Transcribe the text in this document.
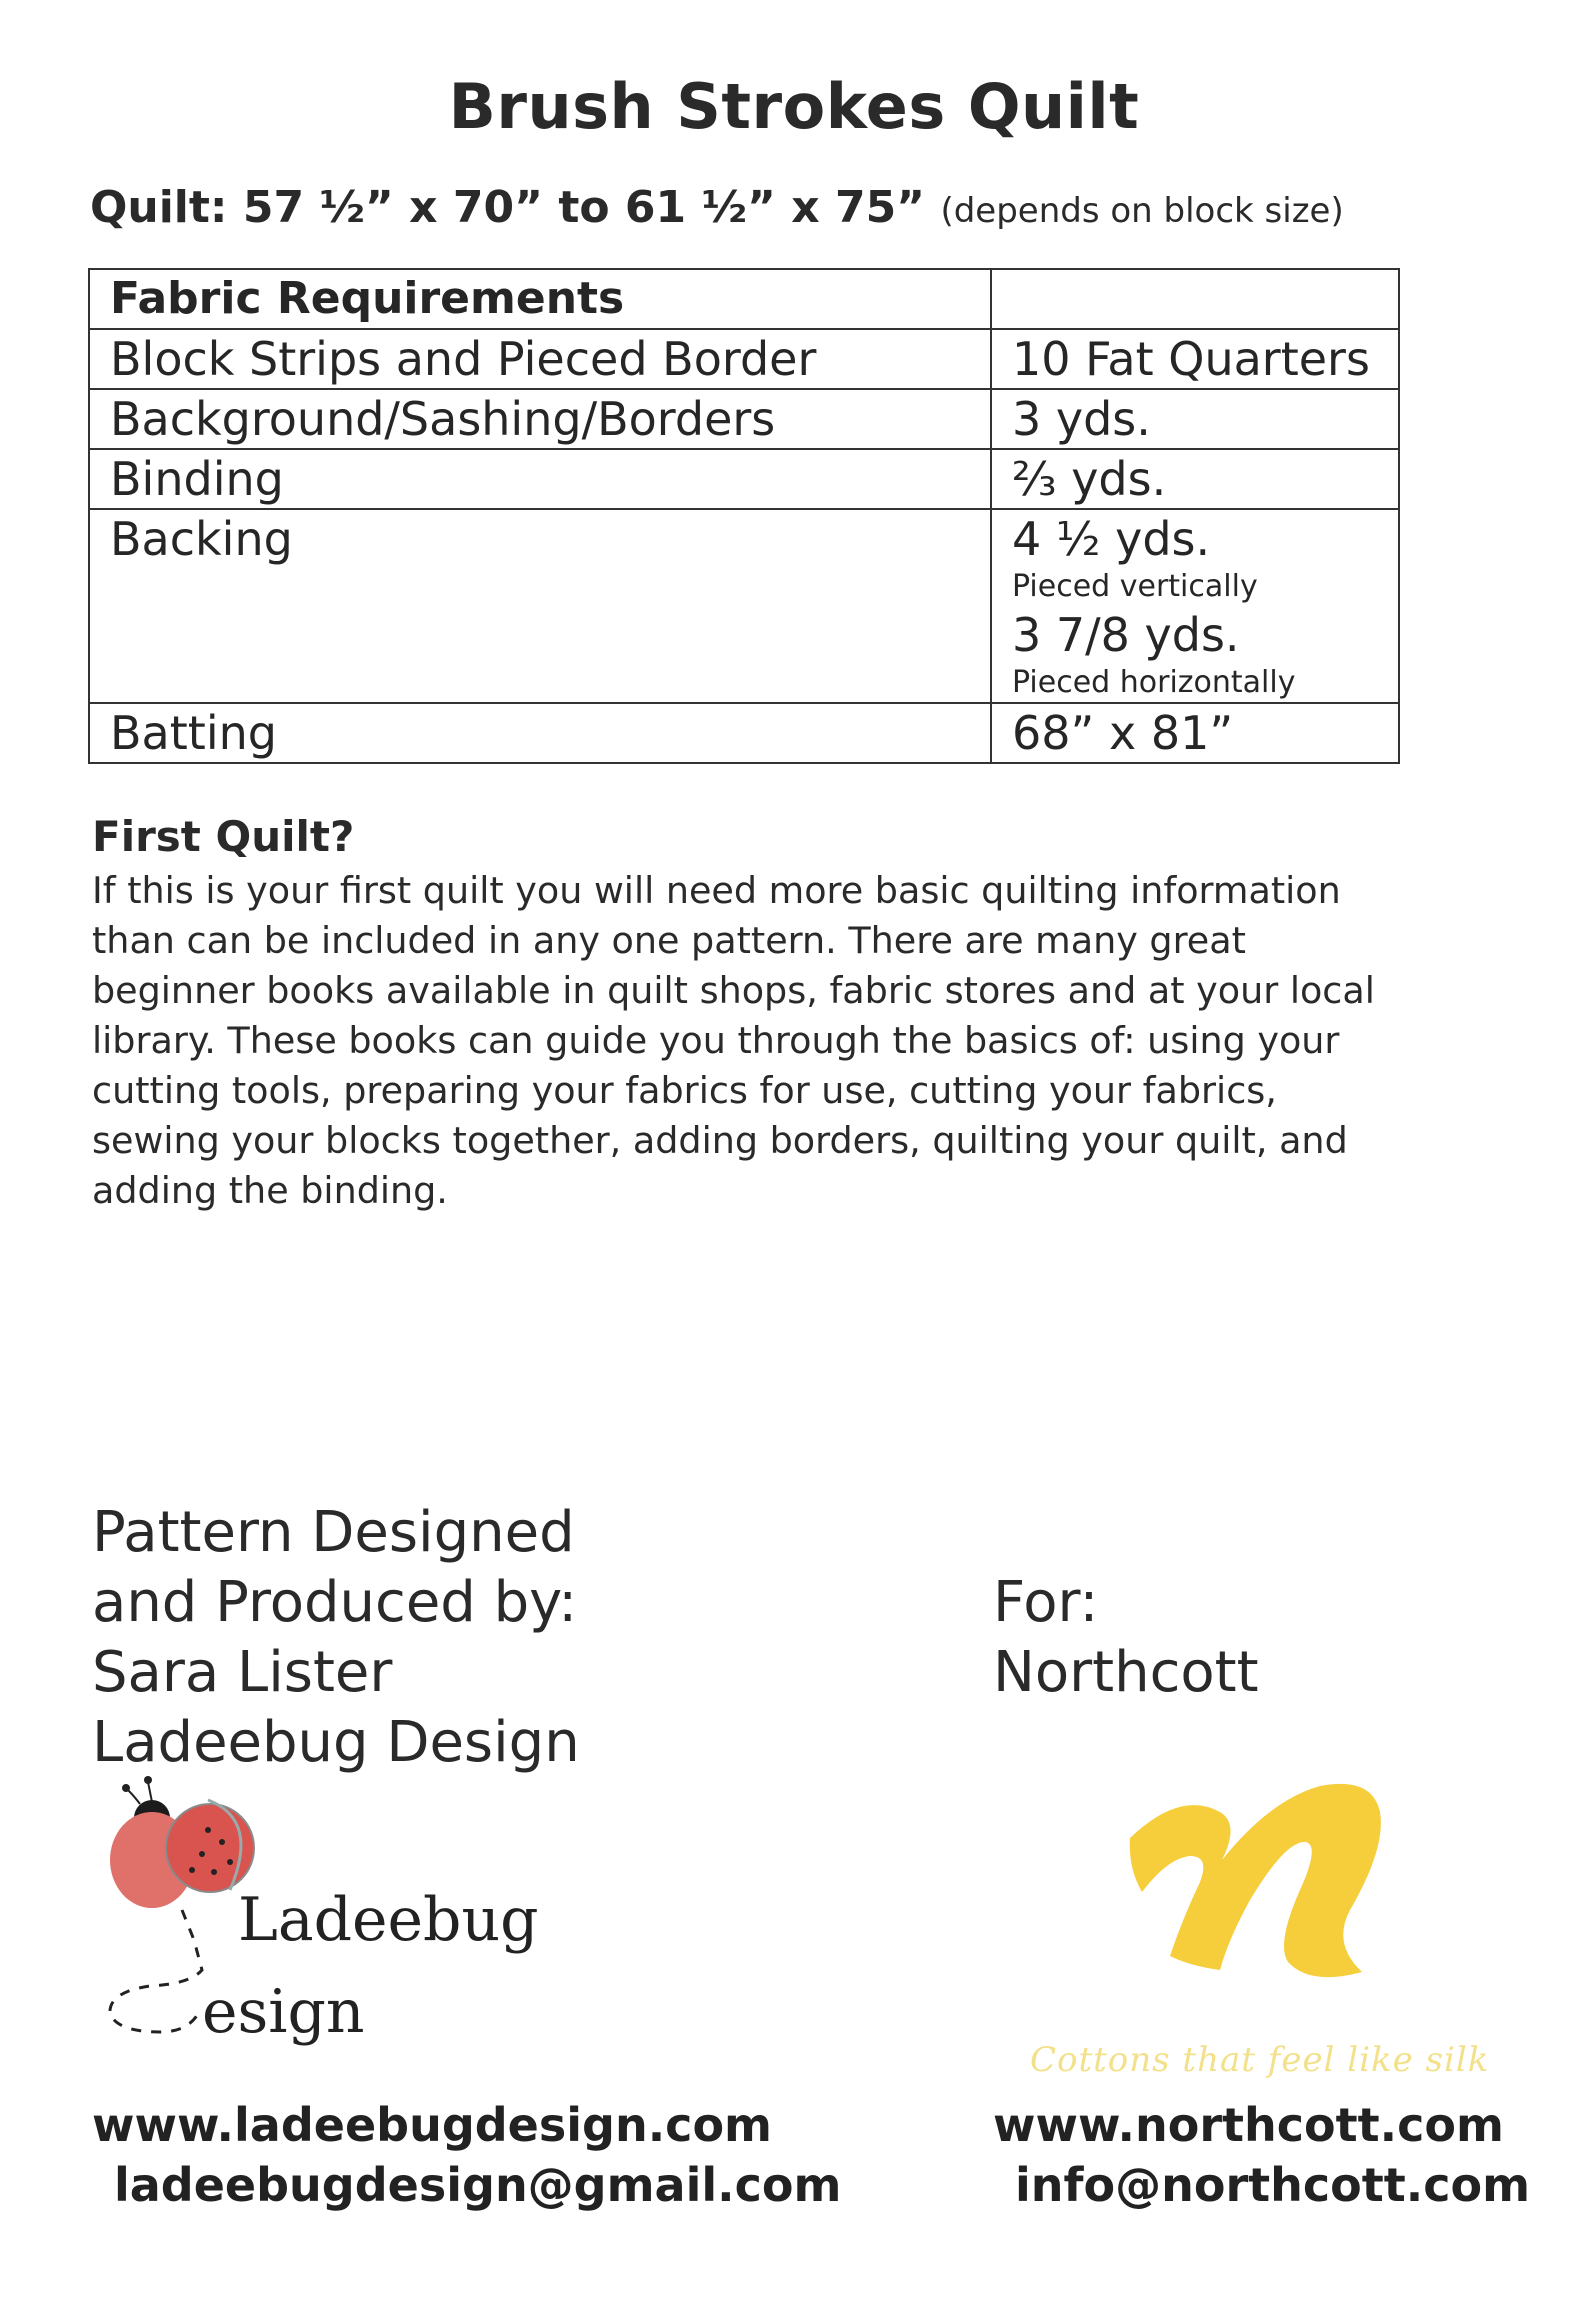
Brush Strokes Quilt
Quilt: 57 ½” x 70” to 61 ½” x 75” (depends on block size)
Fabric Requirements	
Block Strips and Pieced Border	10 Fat Quarters
Background/Sashing/Borders	3 yds.
Binding	⅔ yds.
Backing	4 ½ yds.
Pieced vertically
3 7/8 yds.
Pieced horizontally

Batting	68” x 81”
First Quilt?
If this is your first quilt you will need more basic quilting information
than can be included in any one pattern. There are many great
beginner books available in quilt shops, fabric stores and at your local
library. These books can guide you through the basics of: using your
cutting tools, preparing your fabrics for use, cutting your fabrics,
sewing your blocks together, adding borders, quilting your quilt, and
adding the binding.
Pattern Designed
and Produced by:
Sara Lister
Ladeebug Design
For:
Northcott
Ladeebug
esign
Cottons that feel like silk
www.ladeebugdesign.com
ladeebugdesign@gmail.com
www.northcott.com
info@northcott.com
